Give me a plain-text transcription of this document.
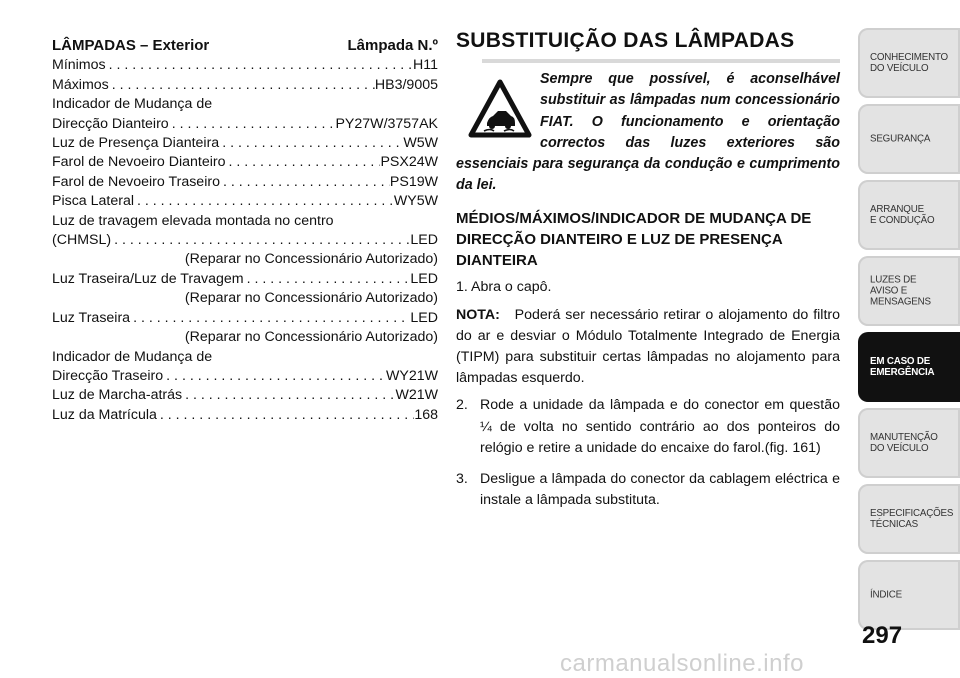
LÂMPADAS – Exterior	Lâmpada N.º
Mínimos . . .	H11
Máximos . . .	HB3/9005
Indicador de Mudança de
Direcção Dianteiro . . .	PY27W/3757AK
Luz de Presença Dianteira . . .	W5W
Farol de Nevoeiro Dianteiro . . .	PSX24W
Farol de Nevoeiro Traseiro . . .	PS19W
Pisca Lateral . . .	WY5W
Luz de travagem elevada montada no centro
(CHMSL) . . .	LED
(Reparar no Concessionário Autorizado)
Luz Traseira/Luz de Travagem . . .	LED
(Reparar no Concessionário Autorizado)
Luz Traseira . . .	LED
(Reparar no Concessionário Autorizado)
Indicador de Mudança de
Direcção Traseiro . . .	WY21W
Luz de Marcha-atrás . . .	W21W
Luz da Matrícula . . .	168
SUBSTITUIÇÃO DAS LÂMPADAS

Sempre que possível, é aconselhável substituir as lâmpadas num concessionário FIAT. O funcionamento e orientação correctos das luzes exteriores são essenciais para segurança da condução e cumprimento da lei.

MÉDIOS/MÁXIMOS/INDICADOR DE MUDANÇA DE DIRECÇÃO DIANTEIRO E LUZ DE PRESENÇA DIANTEIRA
1. Abra o capô.
NOTA: Poderá ser necessário retirar o alojamento do filtro do ar e desviar o Módulo Totalmente Integrado de Energia (TIPM) para substituir certas lâmpadas no alojamento para lâmpadas esquerdo.
2. Rode a unidade da lâmpada e do conector em questão ¼ de volta no sentido contrário ao dos ponteiros do relógio e retire a unidade do encaixe do farol.(fig. 161)
3. Desligue a lâmpada do conector da cablagem eléctrica e instale a lâmpada substituta.
CONHECIMENTO
DO VEÍCULO
SEGURANÇA
ARRANQUE
E CONDUÇÃO
LUZES DE
AVISO E
MENSAGENS
EM CASO DE
EMERGÊNCIA
MANUTENÇÃO
DO VEÍCULO
ESPECIFICAÇÕES
TÉCNICAS
ÍNDICE
297
carmanualsonline.info
